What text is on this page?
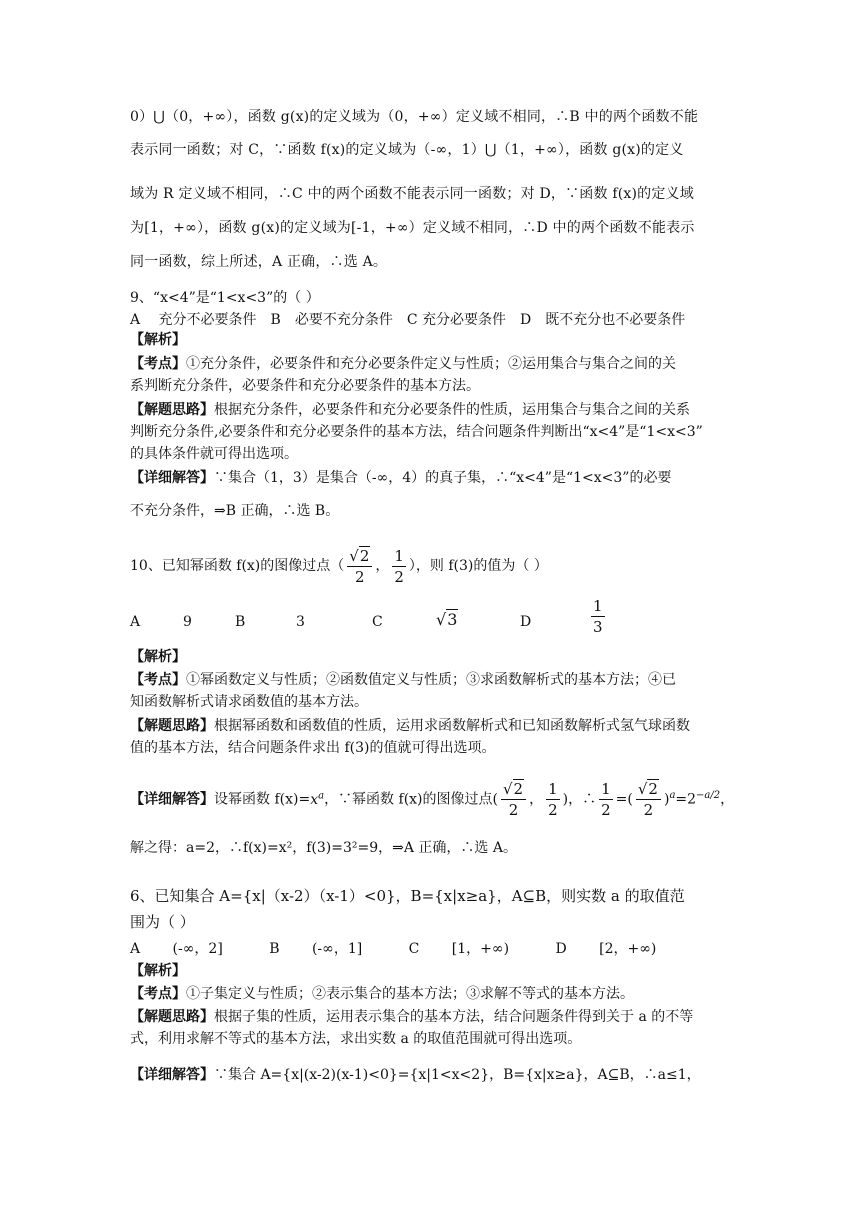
0）⋃（0，+∞），函数 g(x)的定义域为（0，+∞）定义域不相同，∴B 中的两个函数不能
表示同一函数；对 C，∵函数 f(x)的定义域为（-∞，1）⋃（1，+∞），函数 g(x)的定义
域为 R 定义域不相同，∴C 中的两个函数不能表示同一函数；对 D，∵函数 f(x)的定义域
为[1，+∞），函数 g(x)的定义域为[-1，+∞）定义域不相同，∴D 中的两个函数不能表示
同一函数，综上所述，A 正确，∴选 A。
9、“x<4”是“1<x<3”的（ ）
A　 充分不必要条件　B　必要不充分条件　C 充分必要条件　D　既不充分也不必要条件
【解析】
【考点】①充分条件，必要条件和充分必要条件定义与性质；②运用集合与集合之间的关
系判断充分条件，必要条件和充分必要条件的基本方法。
【解题思路】根据充分条件，必要条件和充分必要条件的性质，运用集合与集合之间的关系
判断充分条件,必要条件和充分必要条件的基本方法，结合问题条件判断出“x<4”是“1<x<3”
的具体条件就可得出选项。
【详细解答】∵集合（1，3）是集合（-∞，4）的真子集，∴“x<4”是“1<x<3”的必要
不充分条件，⇒B 正确，∴选 B。
10、已知幂函数 f(x)的图像过点（ $\frac{√2}{2}$ ， $\frac{1}{2}$ ），则 f(3)的值为（ ）
A	9	B	3	C	√3	D	$\frac{1}{3}$
【解析】
【考点】①幂函数定义与性质；②函数值定义与性质；③求函数解析式的基本方法；④已
知函数解析式请求函数值的基本方法。
【解题思路】根据幂函数和函数值的性质，运用求函数解析式和已知函数解析式氢气球函数
值的基本方法，结合问题条件求出 f(3)的值就可得出选项。
【详细解答】设幂函数 $f(x)=x^a$，∵幂函数 f(x)的图像过点( $\frac{√2}{2}$ ， $\frac{1}{2}$ )，∴ $\frac{1}{2}$ =( $\frac{√2}{2} )^a=2^{-a/2}$，
解之得：a=2，∴f(x)=x²，f(3)=3²=9，⇒A 正确，∴选 A。
6、已知集合 A={x|（x-2）（x-1）<0}，B={x|x≥a}，A⊆B，则实数 a 的取值范
围为（ ）
A　　 (-∞，2]　　　 B　　 (-∞，1]　　　 C　　 [1，+∞)　　　 D　　 [2，+∞)
【解析】
【考点】①子集定义与性质；②表示集合的基本方法；③求解不等式的基本方法。
【解题思路】根据子集的性质，运用表示集合的基本方法，结合问题条件得到关于 a 的不等
式，利用求解不等式的基本方法，求出实数 a 的取值范围就可得出选项。
【详细解答】∵集合 A={x|(x-2)(x-1)<0}={x|1<x<2}，B={x|x≥a}，A⊆B，∴a≤1，
